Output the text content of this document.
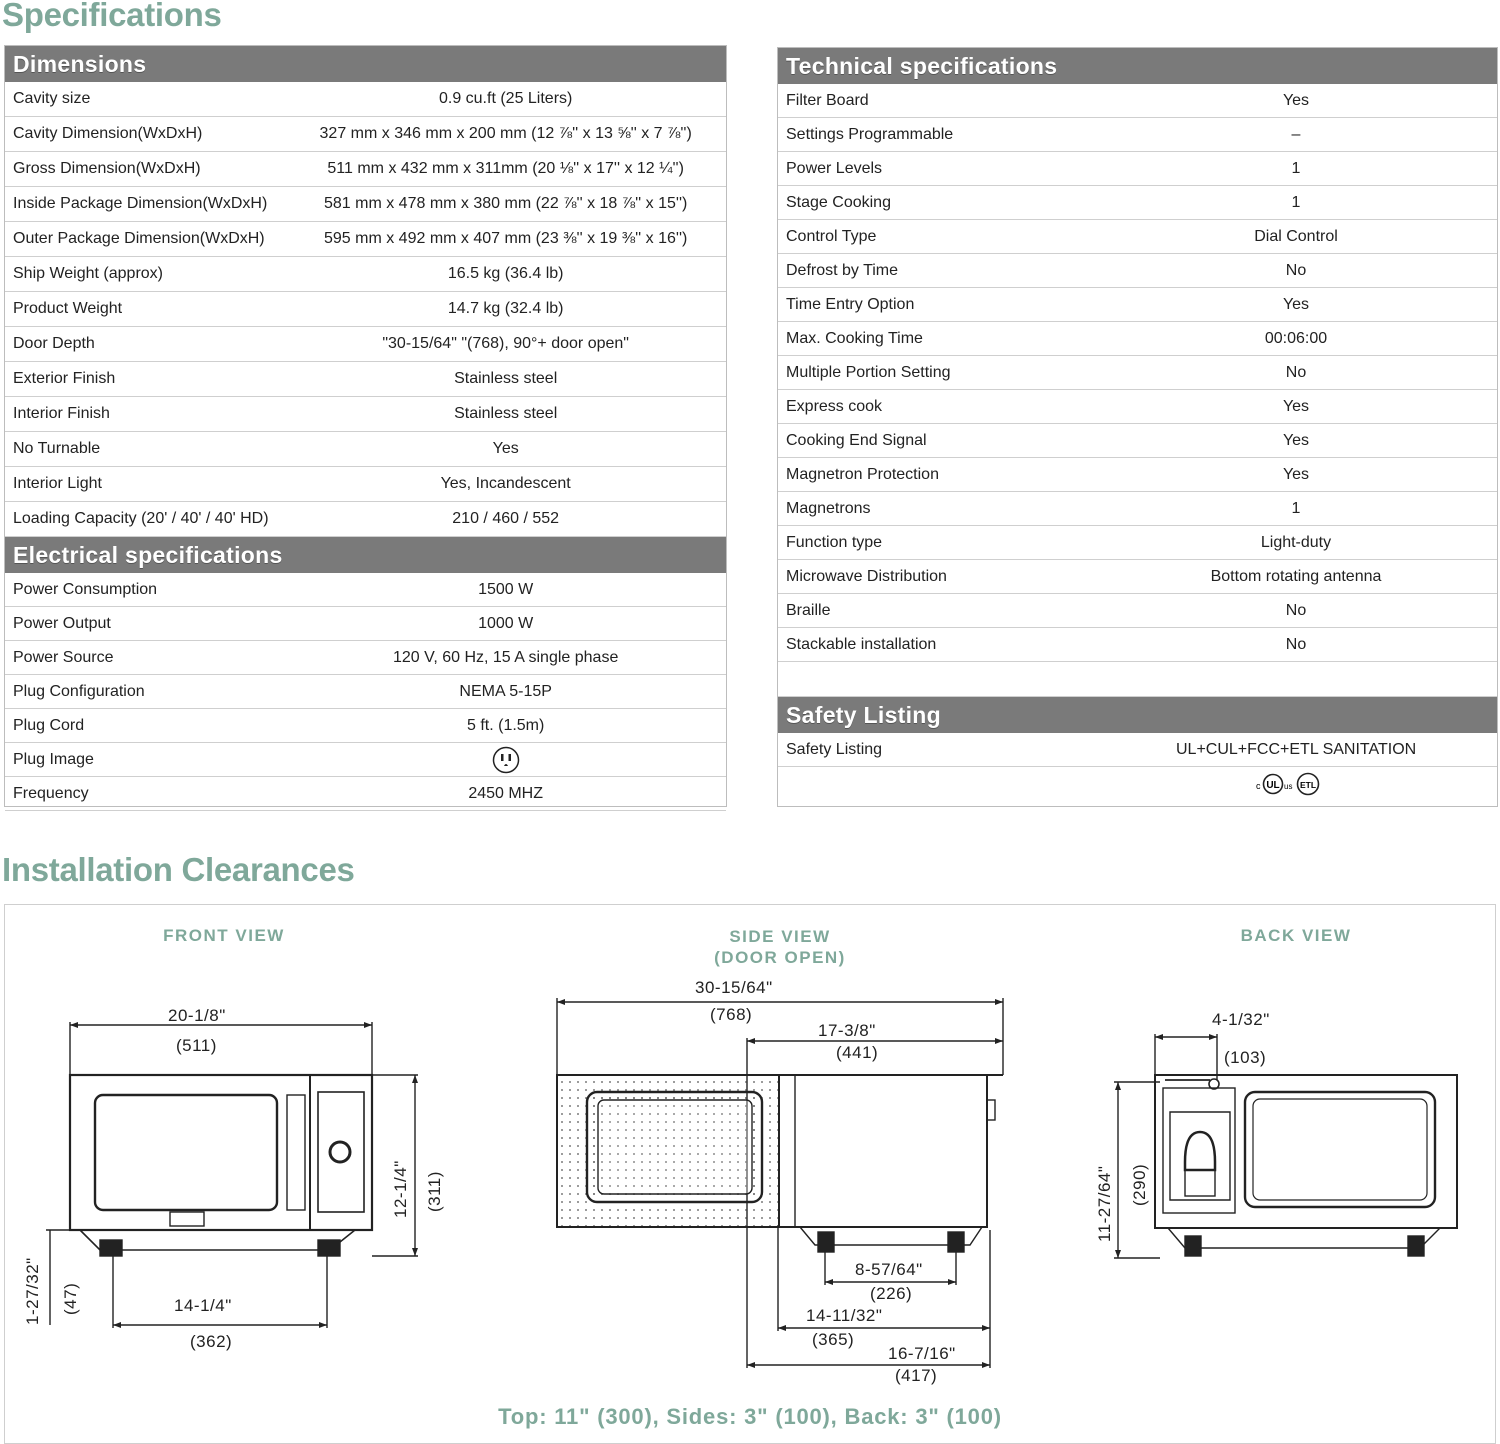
Specifications
Dimensions
Cavity size	0.9 cu.ft (25 Liters)
Cavity Dimension(WxDxH)	327 mm x 346 mm x 200 mm (12 ⅞'' x 13 ⅝'' x 7 ⅞'')
Gross Dimension(WxDxH)	511 mm x 432 mm x 311mm (20 ⅛'' x 17'' x 12 ¼'')
Inside Package Dimension(WxDxH)	581 mm x 478 mm x 380 mm (22 ⅞'' x 18 ⅞'' x 15'')
Outer Package Dimension(WxDxH)	595 mm x 492 mm x 407 mm (23 ⅜'' x 19 ⅜'' x 16'')
Ship Weight (approx)	16.5 kg (36.4 lb)
Product Weight	14.7 kg (32.4 lb)
Door Depth	"30-15/64" "(768), 90°+ door open"
Exterior Finish	Stainless steel
Interior Finish	Stainless steel
No Turnable	Yes
Interior Light	Yes, Incandescent
Loading Capacity (20' / 40' / 40' HD)	210 / 460 / 552
Electrical specifications
Power Consumption	1500 W
Power Output	1000 W
Power Source	120 V, 60 Hz, 15 A single phase
Plug Configuration	NEMA 5-15P
Plug Cord	5 ft. (1.5m)
Plug Image
Frequency	2450 MHZ
Technical specifications
Filter Board	Yes
Settings Programmable	–
Power Levels	1
Stage Cooking	1
Control Type	Dial Control
Defrost by Time	No
Time Entry Option	Yes
Max. Cooking Time	00:06:00
Multiple Portion Setting	No
Express cook	Yes
Cooking End Signal	Yes
Magnetron Protection	Yes
Magnetrons	1
Function type	Light-duty
Microwave Distribution	Bottom rotating antenna
Braille	No
Stackable installation	No
Safety Listing
Safety Listing	UL+CUL+FCC+ETL SANITATION
c UL us ETL
Installation Clearances
FRONT VIEW	SIDE VIEW
(DOOR OPEN)
BACK VIEW
20-1/8"
(511)
12-1/4" (311)
14-1/4"
(362)
1-27/32" (47)
30-15/64"
(768)
17-3/8"
(441)
8-57/64"
(226)
14-11/32"
(365)
16-7/16"
(417)
4-1/32"
(103)
11-27/64" (290)
Top: 11" (300), Sides: 3" (100), Back: 3" (100)
